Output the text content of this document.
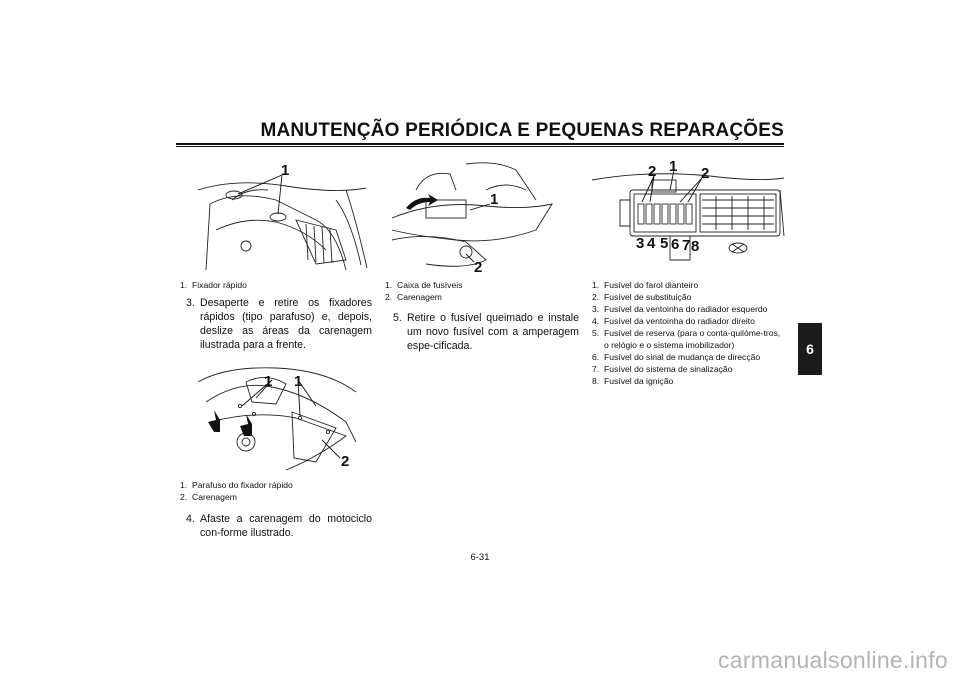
MANUTENÇÃO PERIÓDICA E PEQUENAS REPARAÇÕES
6
1
1. Fixador rápido
3. Desaperte e retire os fixadores rápidos (tipo parafuso) e, depois, deslize as áreas da carenagem ilustrada para a frente.
1 1
2
1. Parafuso do fixador rápido
2. Carenagem
4. Afaste a carenagem do motociclo con-forme ilustrado.
1
2
1. Caixa de fusíveis
2. Carenagem
5. Retire o fusível queimado e instale um novo fusível com a amperagem espe-cificada.
2 1 2
3 4 5 6 7 8
1. Fusível do farol dianteiro
2. Fusível de substituição
3. Fusível da ventoinha do radiador esquerdo
4. Fusível da ventoinha do radiador direito
5. Fusível de reserva (para o conta-quilóme-tros, o relógio e o sistema imobilizador)
6. Fusível do sinal de mudança de direcção
7. Fusível do sistema de sinalização
8. Fusível da ignição
6-31
carmanualsonline.info
